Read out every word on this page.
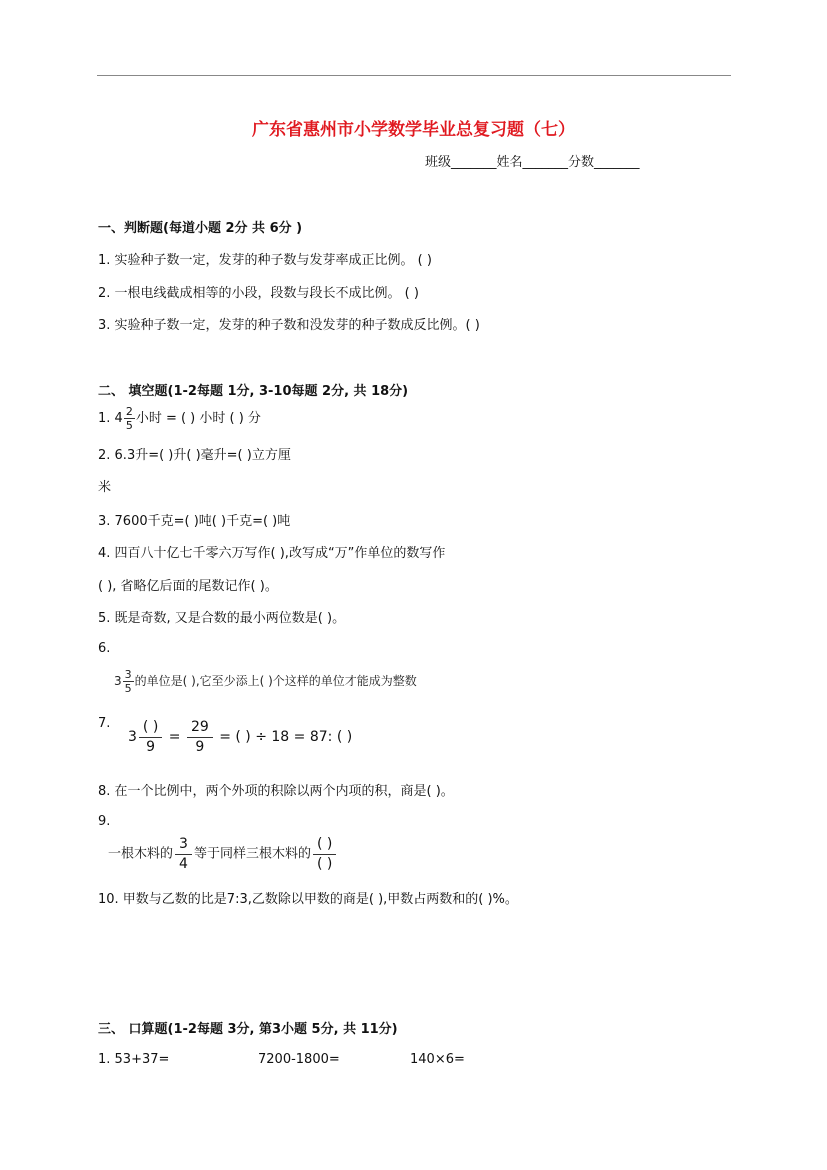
广东省惠州市小学数学毕业总复习题（七）
班级_______姓名_______分数_______
一、判断题(每道小题 2分 共 6分 )
1. 实验种子数一定，发芽的种子数与发芽率成正比例。 ( )
2. 一根电线截成相等的小段，段数与段长不成比例。 ( )
3. 实验种子数一定，发芽的种子数和没发芽的种子数成反比例。( )
二、 填空题(1-2每题 1分, 3-10每题 2分, 共 18分)
1. $4 \frac{2}{5}$ 小时 = ( ) 小时 ( ) 分
2. 6.3升=( )升( )毫升=( )立方厘
米
3. 7600千克=( )吨( )千克=( )吨
4. 四百八十亿七千零六万写作( ),改写成“万”作单位的数写作
( ), 省略亿后面的尾数记作( )。
5. 既是奇数, 又是合数的最小两位数是( )。
6.
$3 \frac{3}{5}$ 的单位是( ),它至少添上( )个这样的单位才能成为整数
7.
3
( )
9
= $\frac{29}{9}$ = ( ) ÷ 18 = 87: ( )
8. 在一个比例中，两个外项的积除以两个内项的积，商是( )。
9.
一根木料的 $\frac{3}{4}$ 等于同样三根木料的
( )
( )
10. 甲数与乙数的比是7:3,乙数除以甲数的商是( ),甲数占两数和的( )%。
三、 口算题(1-2每题 3分, 第3小题 5分, 共 11分)
1. 53+37=	7200-1800=	140×6=
